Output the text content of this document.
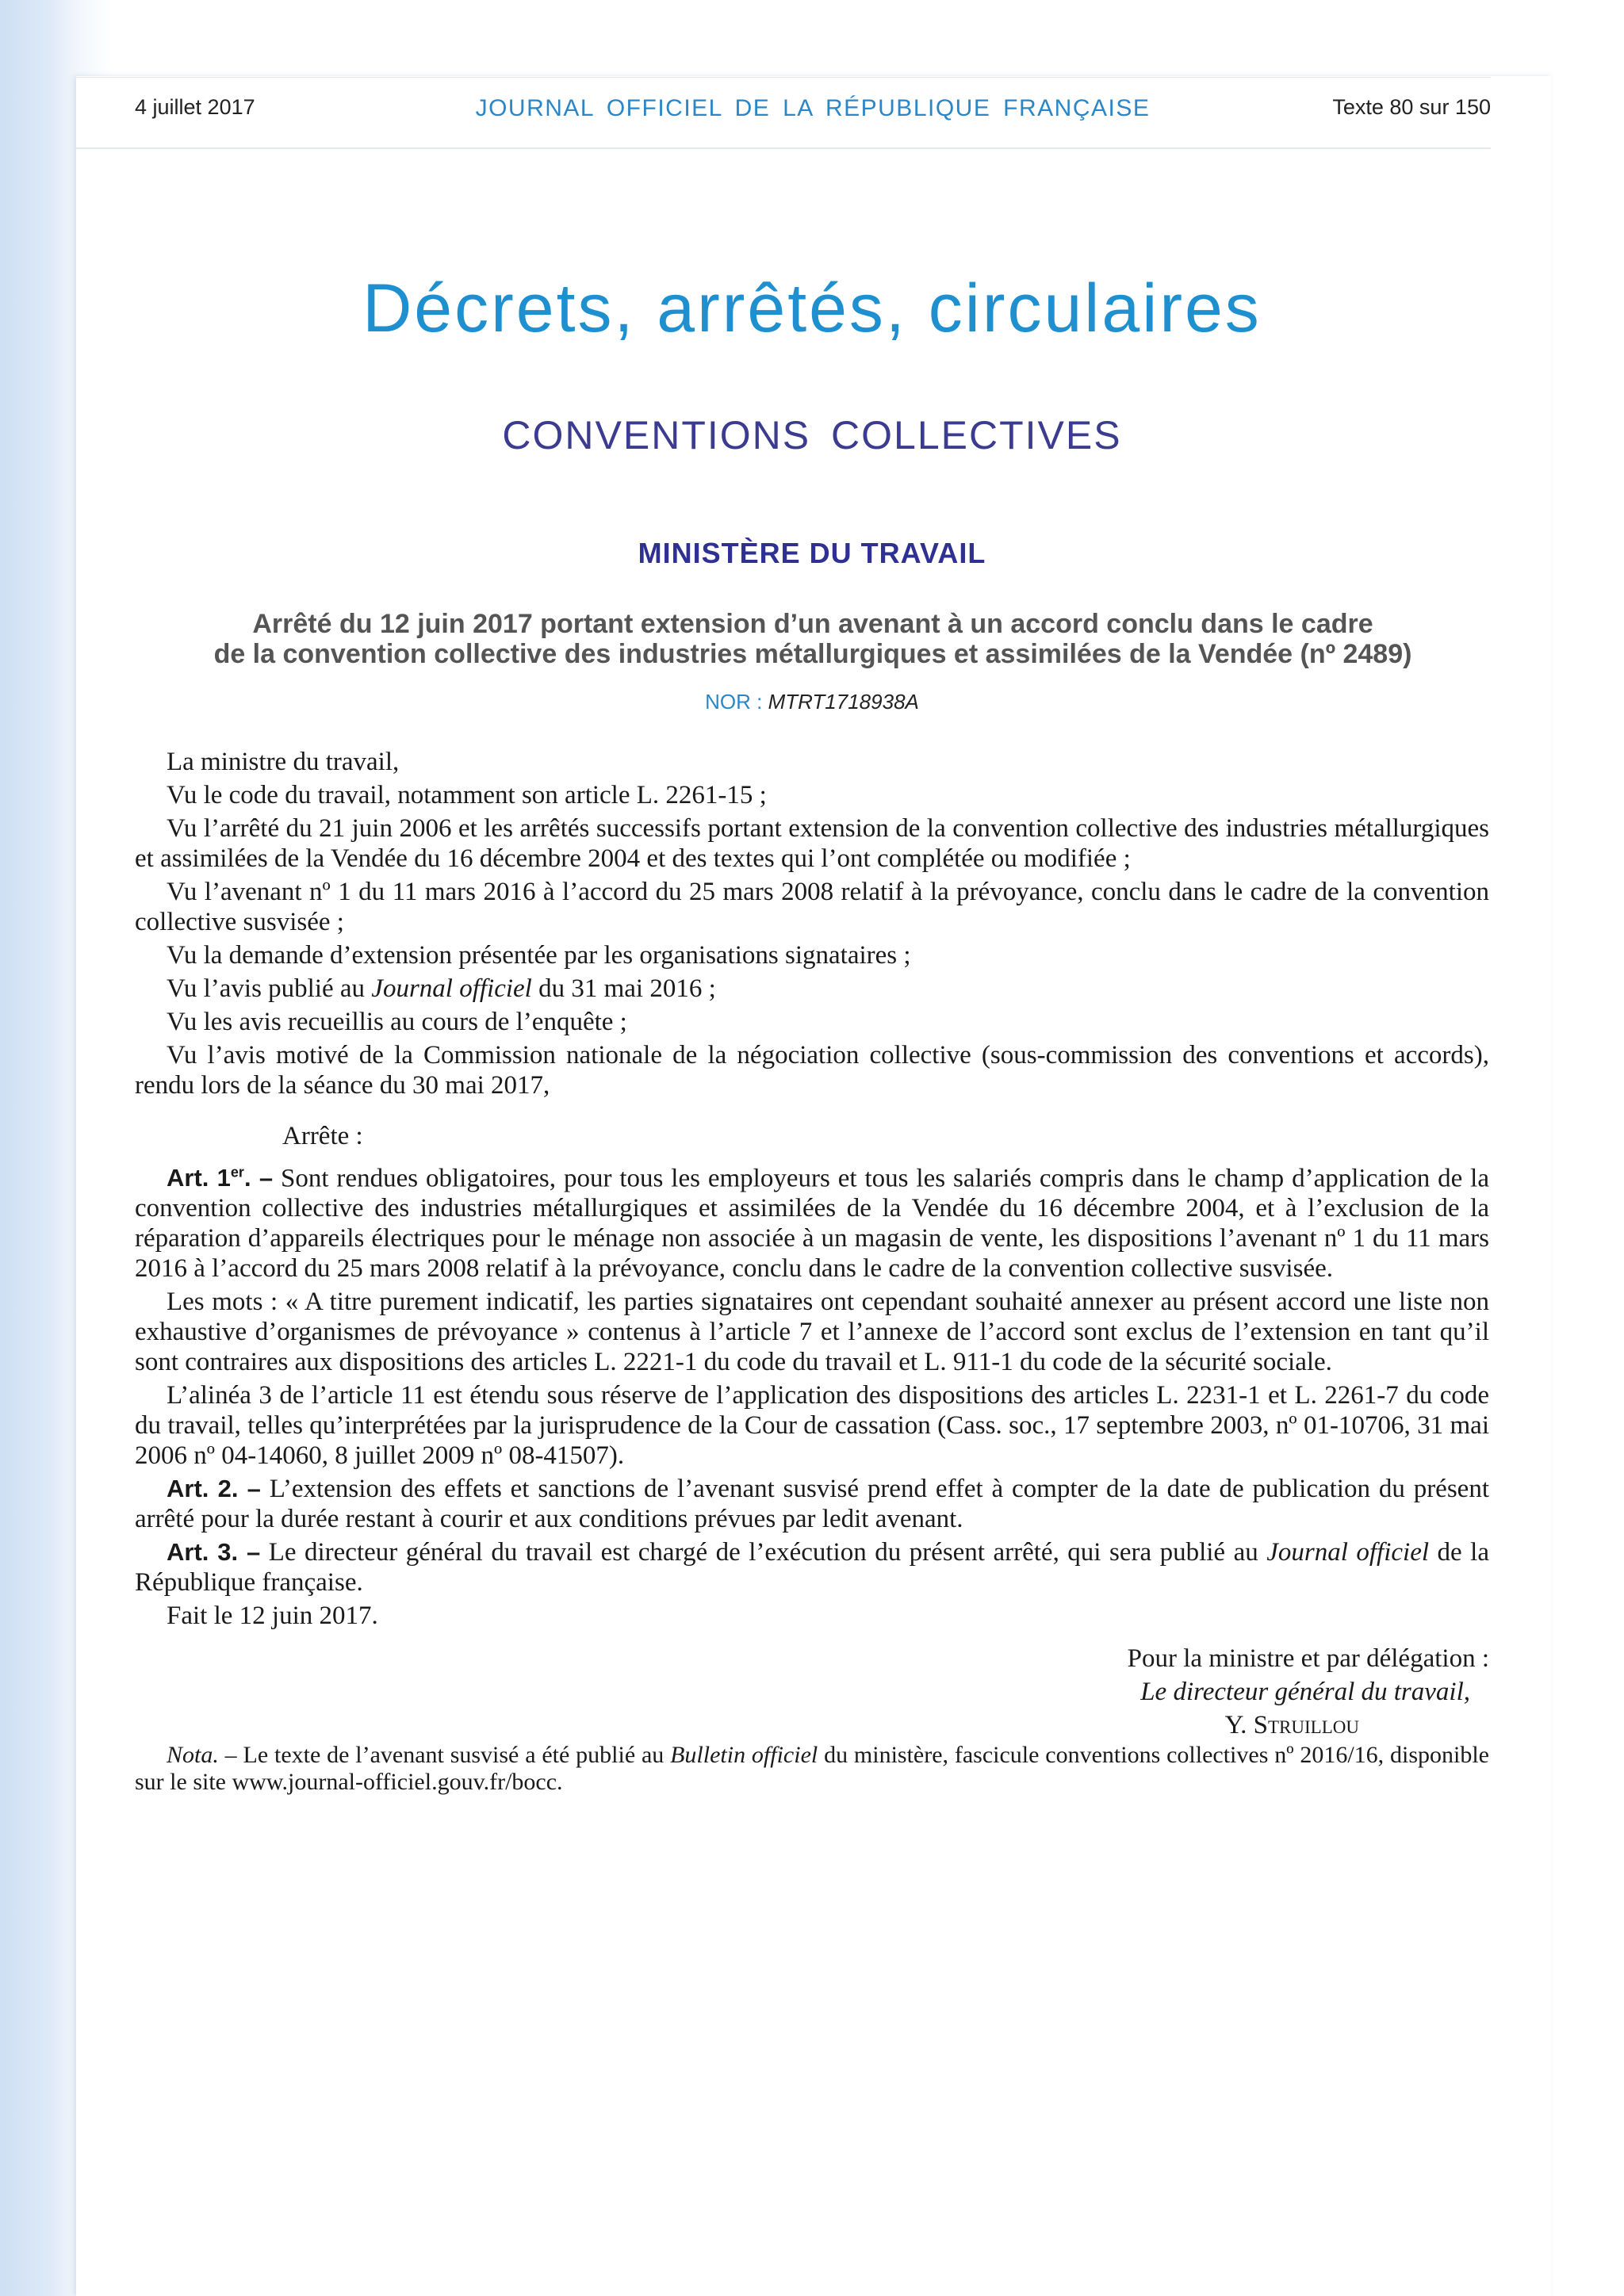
4 juillet 2017	JOURNAL OFFICIEL DE LA RÉPUBLIQUE FRANÇAISE	Texte 80 sur 150
Décrets, arrêtés, circulaires
CONVENTIONS COLLECTIVES
MINISTÈRE DU TRAVAIL
Arrêté du 12 juin 2017 portant extension d’un avenant à un accord conclu dans le cadre
de la convention collective des industries métallurgiques et assimilées de la Vendée (nº 2489)
NOR : MTRT1718938A

La ministre du travail,

Vu le code du travail, notamment son article L. 2261-15 ;

Vu l’arrêté du 21 juin 2006 et les arrêtés successifs portant extension de la convention collective des industries métallurgiques et assimilées de la Vendée du 16 décembre 2004 et des textes qui l’ont complétée ou modifiée ;

Vu l’avenant nº 1 du 11 mars 2016 à l’accord du 25 mars 2008 relatif à la prévoyance, conclu dans le cadre de la convention collective susvisée ;

Vu la demande d’extension présentée par les organisations signataires ;

Vu l’avis publié au Journal officiel du 31 mai 2016 ;

Vu les avis recueillis au cours de l’enquête ;

Vu l’avis motivé de la Commission nationale de la négociation collective (sous-commission des conventions et accords), rendu lors de la séance du 30 mai 2017,

Arrête :

Art. 1er. – Sont rendues obligatoires, pour tous les employeurs et tous les salariés compris dans le champ d’application de la convention collective des industries métallurgiques et assimilées de la Vendée du 16 décembre 2004, et à l’exclusion de la réparation d’appareils électriques pour le ménage non associée à un magasin de vente, les dispositions l’avenant nº 1 du 11 mars 2016 à l’accord du 25 mars 2008 relatif à la prévoyance, conclu dans le cadre de la convention collective susvisée.

Les mots : « A titre purement indicatif, les parties signataires ont cependant souhaité annexer au présent accord une liste non exhaustive d’organismes de prévoyance » contenus à l’article 7 et l’annexe de l’accord sont exclus de l’extension en tant qu’il sont contraires aux dispositions des articles L. 2221-1 du code du travail et L. 911-1 du code de la sécurité sociale.

L’alinéa 3 de l’article 11 est étendu sous réserve de l’application des dispositions des articles L. 2231-1 et L. 2261-7 du code du travail, telles qu’interprétées par la jurisprudence de la Cour de cassation (Cass. soc., 17 septembre 2003, nº 01-10706, 31 mai 2006 nº 04-14060, 8 juillet 2009 nº 08-41507).

Art. 2. – L’extension des effets et sanctions de l’avenant susvisé prend effet à compter de la date de publication du présent arrêté pour la durée restant à courir et aux conditions prévues par ledit avenant.

Art. 3. – Le directeur général du travail est chargé de l’exécution du présent arrêté, qui sera publié au Journal officiel de la République française.

Fait le 12 juin 2017.

Pour la ministre et par délégation :
Le directeur général du travail,
Y. Struillou

Nota. – Le texte de l’avenant susvisé a été publié au Bulletin officiel du ministère, fascicule conventions collectives nº 2016/16, disponible sur le site www.journal-officiel.gouv.fr/bocc.
